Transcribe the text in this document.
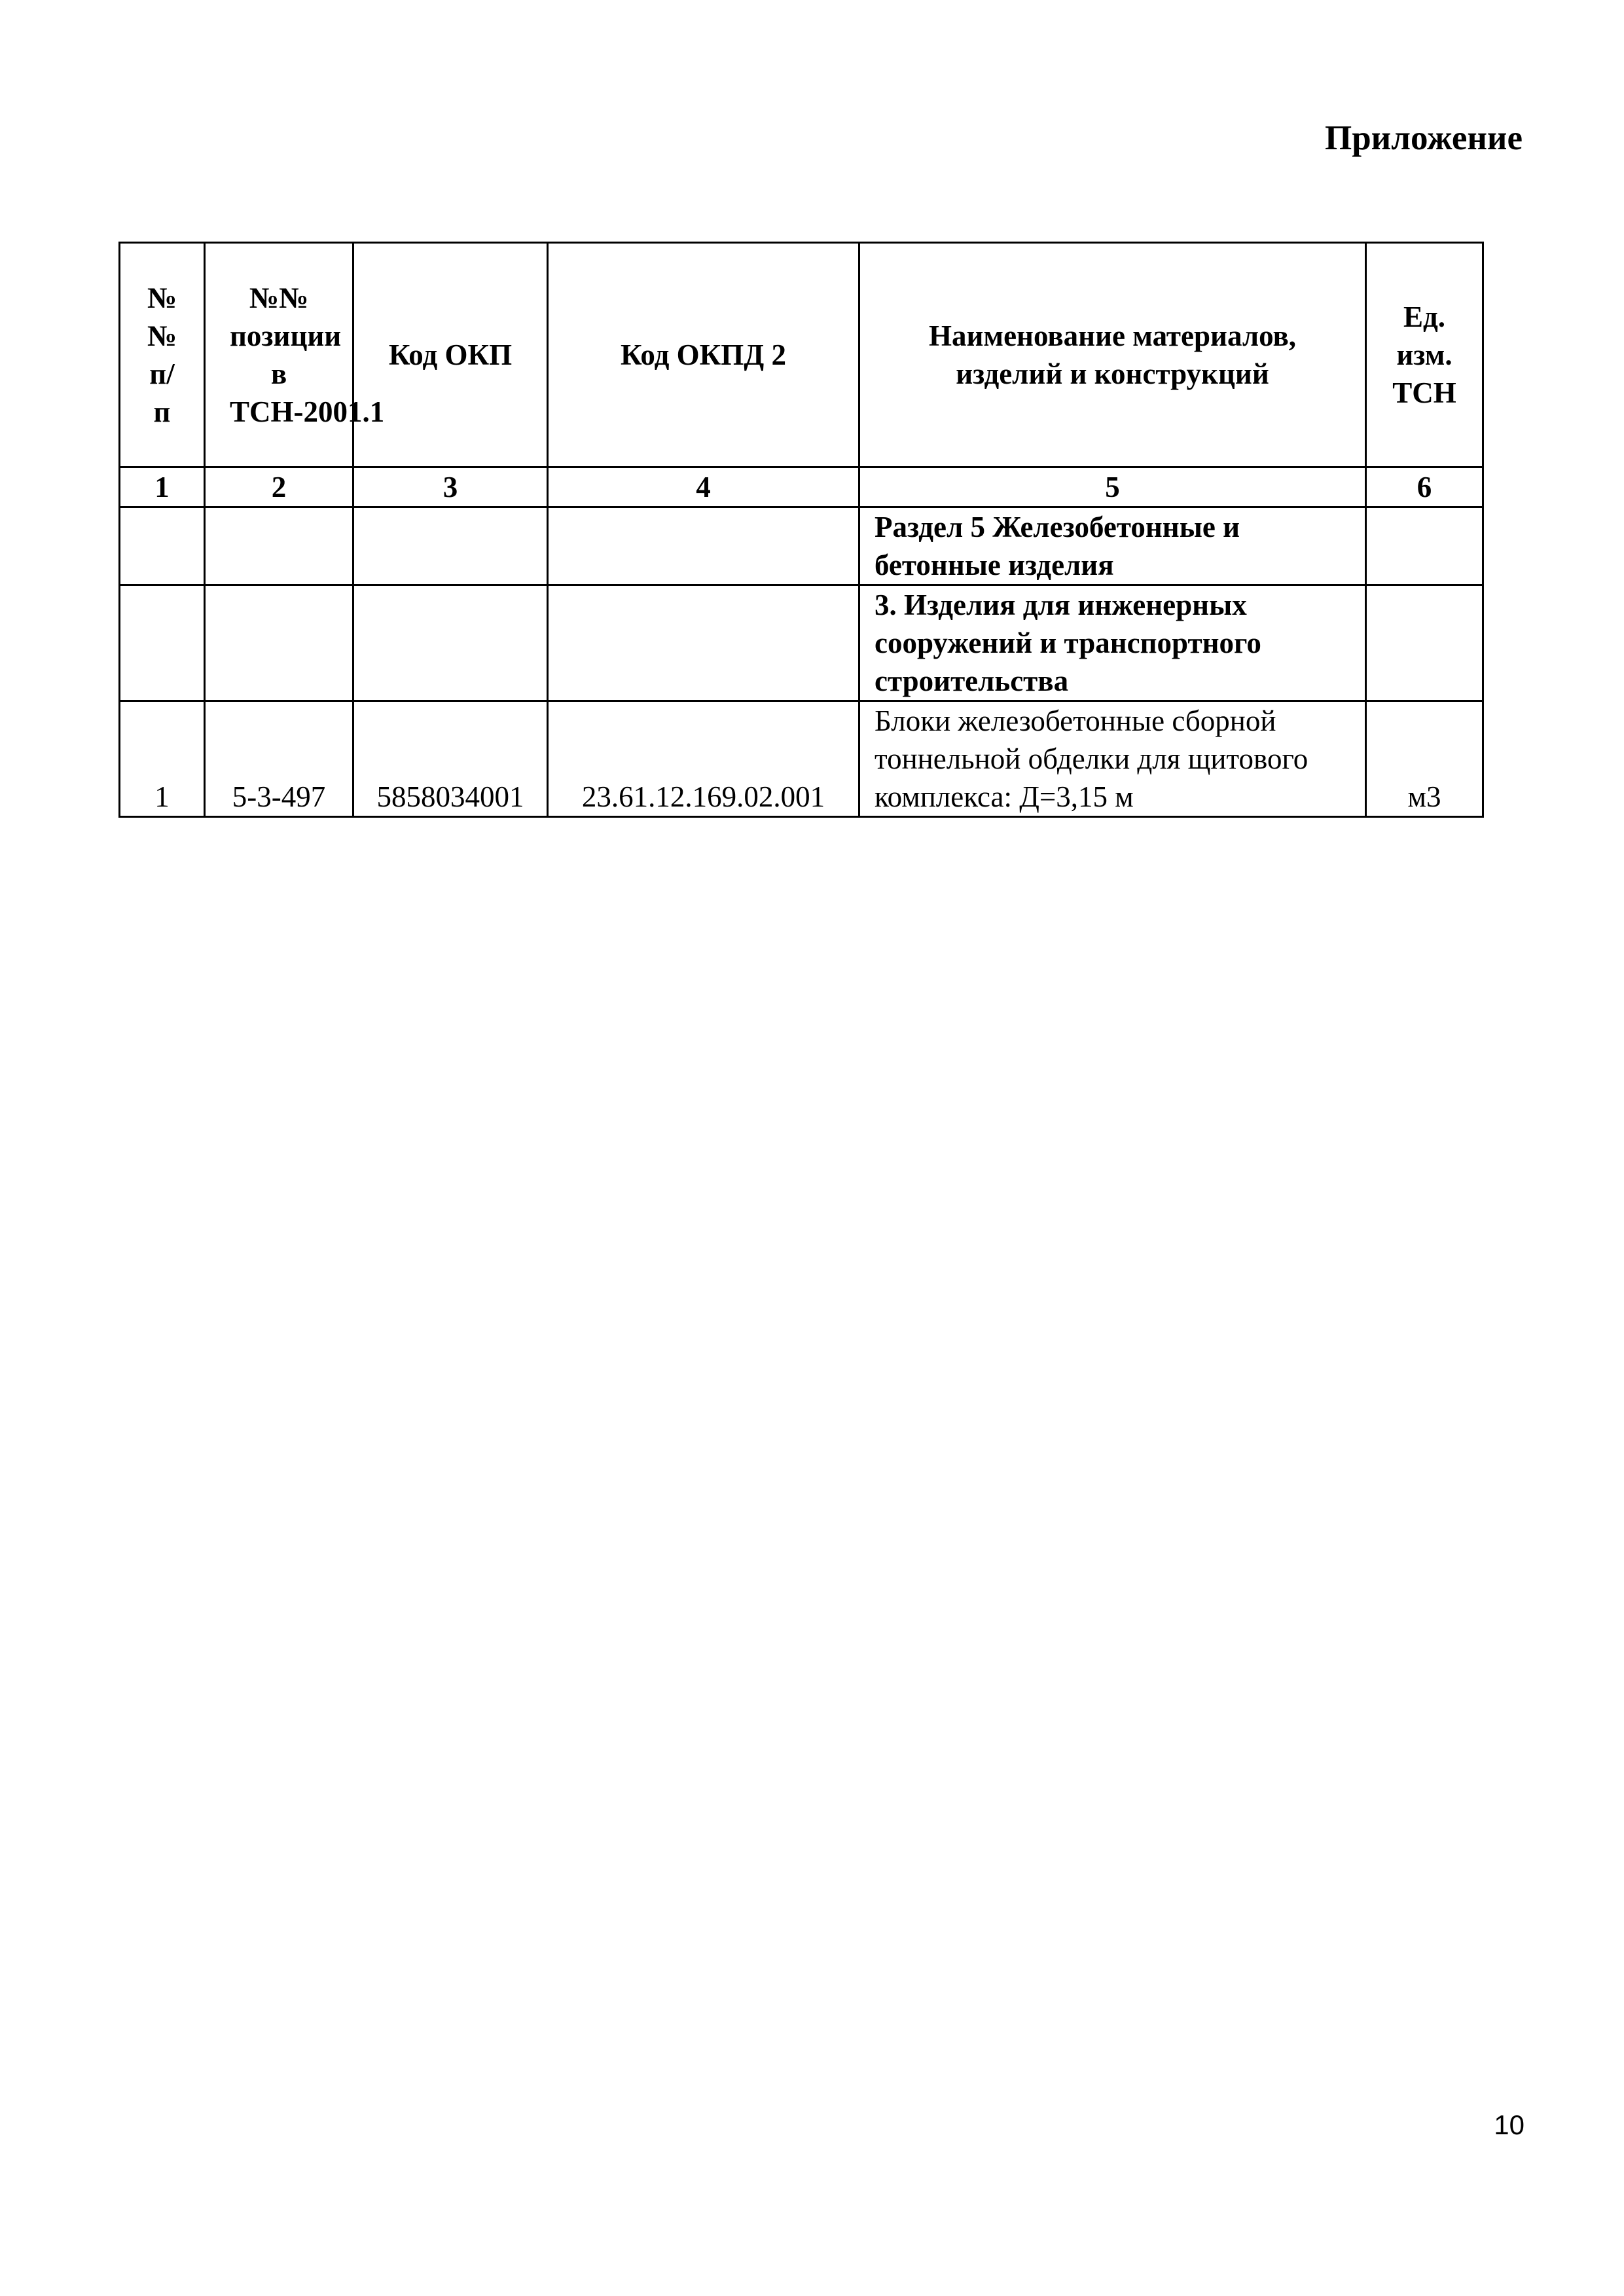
Приложение
№ № п/п	№№ позиции в ТСН-2001.1	Код ОКП	Код ОКПД 2	Наименование материалов, изделий и конструкций	Ед. изм. ТСН
1	2	3	4	5	6
				Раздел 5 Железобетонные и бетонные изделия	
				3. Изделия для инженерных сооружений и транспортного строительства	
1	5-3-497	5858034001	23.61.12.169.02.001	Блоки железобетонные сборной тоннельной обделки для щитового комплекса: Д=3,15 м	м3
10
